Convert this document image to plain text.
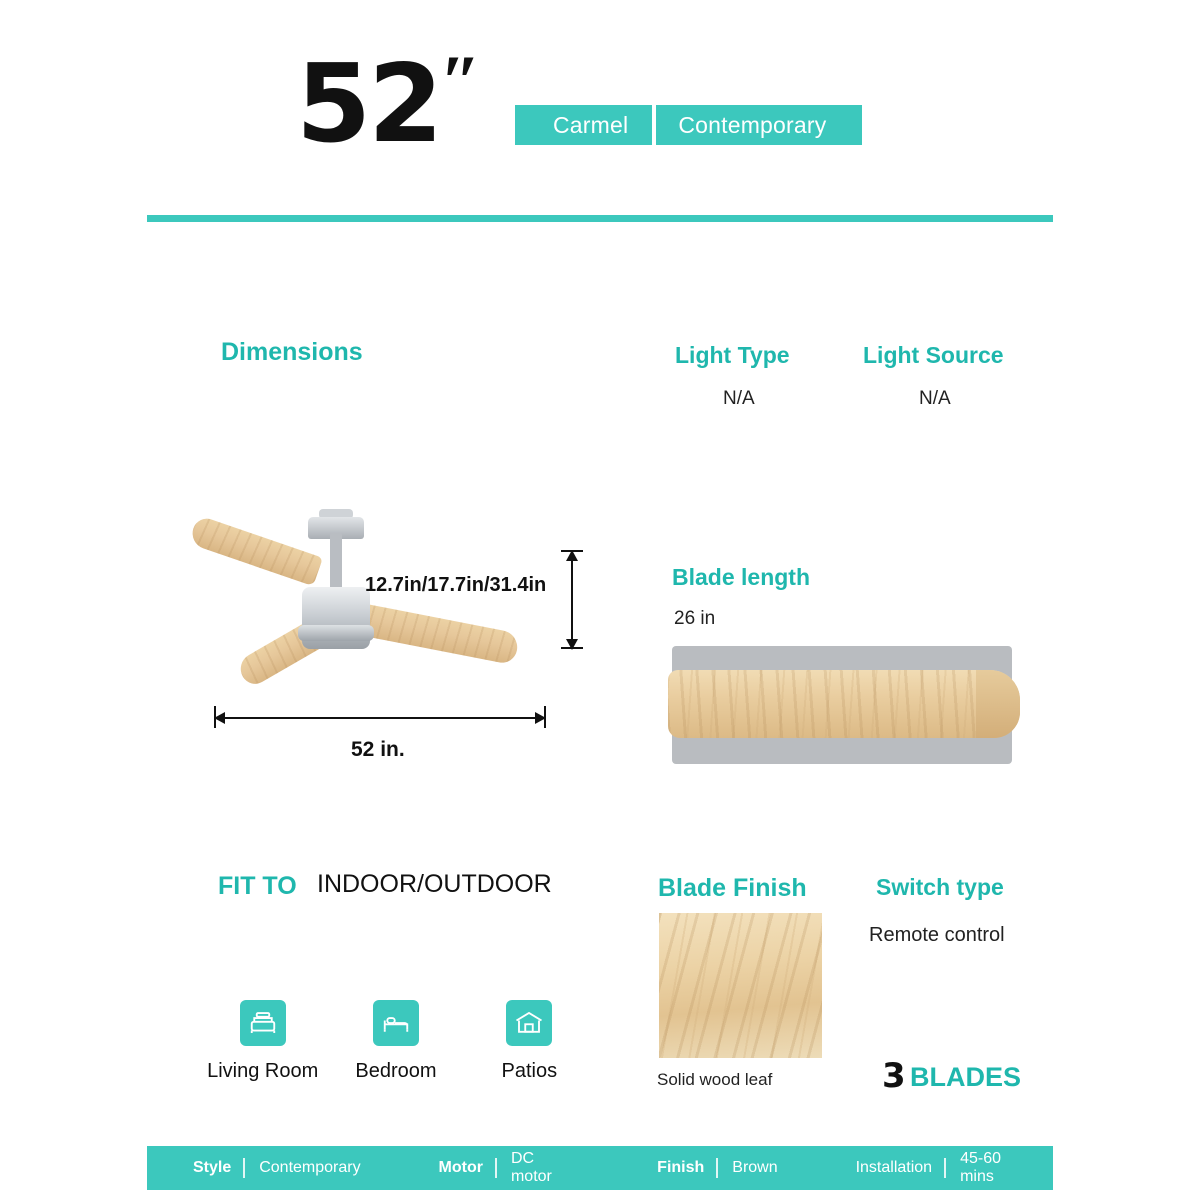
52 ″
Carmel	Contemporary
Dimensions	Light Type
N/A
Light Source
N/A
52 in.
12.7in/17.7in/31.4in	Blade length
26 in
FIT TO INDOOR/OUTDOOR
Living Room	Bedroom	Patios
Blade Finish
Solid wood leaf
Switch type
Remote control
3 BLADES
Style	Contemporary	Motor
DC motor
Finish	Brown	Installation
45-60 mins
